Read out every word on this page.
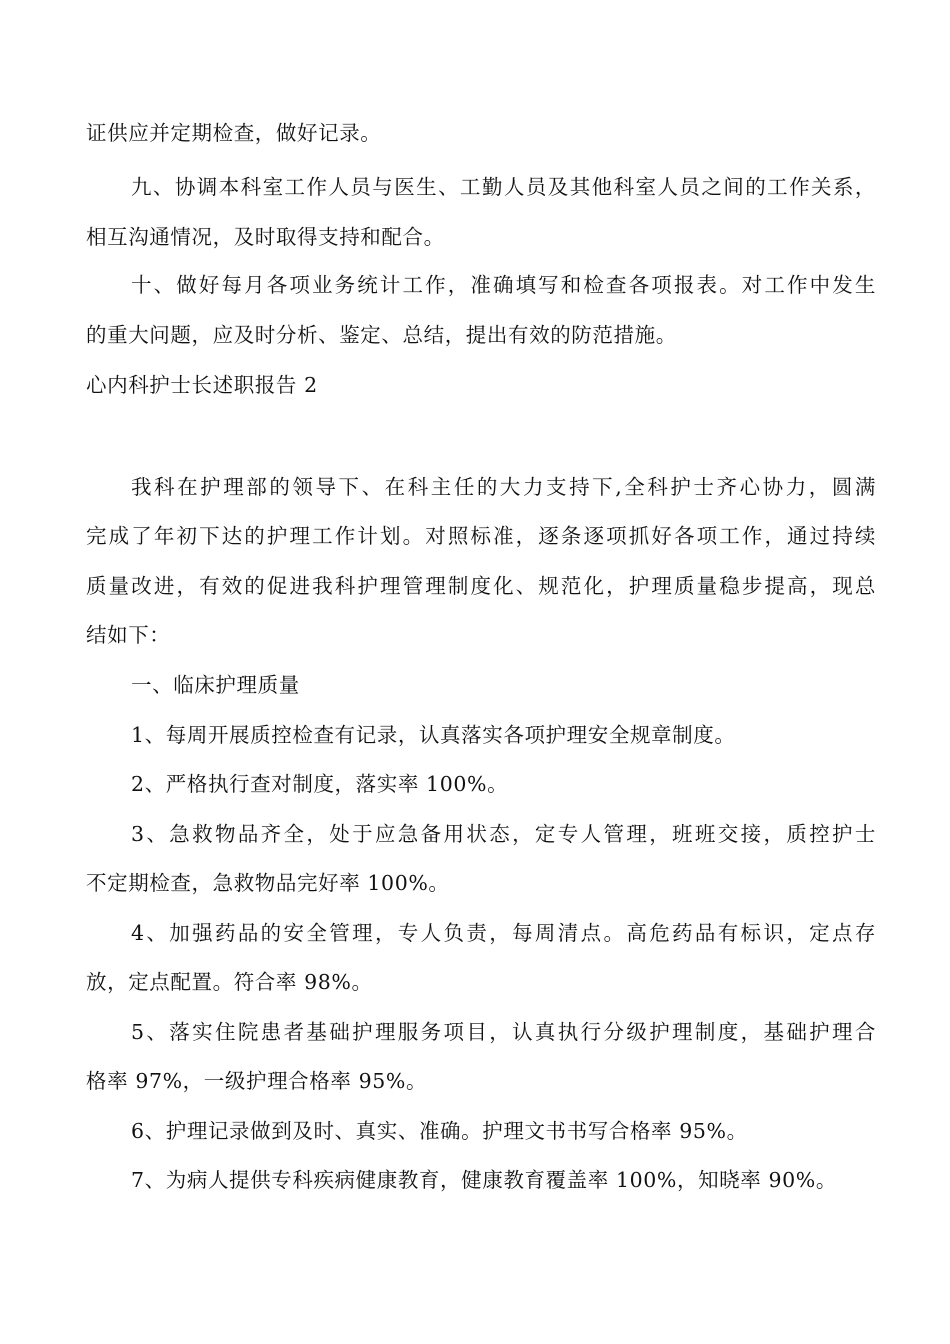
证供应并定期检查，做好记录。
九、协调本科室工作人员与医生、工勤人员及其他科室人员之间的工作关系，
相互沟通情况，及时取得支持和配合。
十、做好每月各项业务统计工作，准确填写和检查各项报表。对工作中发生
的重大问题，应及时分析、鉴定、总结，提出有效的防范措施。
心内科护士长述职报告 2
我科在护理部的领导下、在科主任的大力支持下,全科护士齐心协力，圆满
完成了年初下达的护理工作计划。对照标准，逐条逐项抓好各项工作，通过持续
质量改进，有效的促进我科护理管理制度化、规范化，护理质量稳步提高，现总
结如下：
一、临床护理质量
1、每周开展质控检查有记录，认真落实各项护理安全规章制度。
2、严格执行查对制度，落实率 100%。
3、急救物品齐全，处于应急备用状态，定专人管理，班班交接，质控护士
不定期检查，急救物品完好率 100%。
4、加强药品的安全管理，专人负责，每周清点。高危药品有标识，定点存
放，定点配置。符合率 98%。
5、落实住院患者基础护理服务项目，认真执行分级护理制度，基础护理合
格率 97%，一级护理合格率 95%。
6、护理记录做到及时、真实、准确。护理文书书写合格率 95%。
7、为病人提供专科疾病健康教育，健康教育覆盖率 100%，知晓率 90%。
